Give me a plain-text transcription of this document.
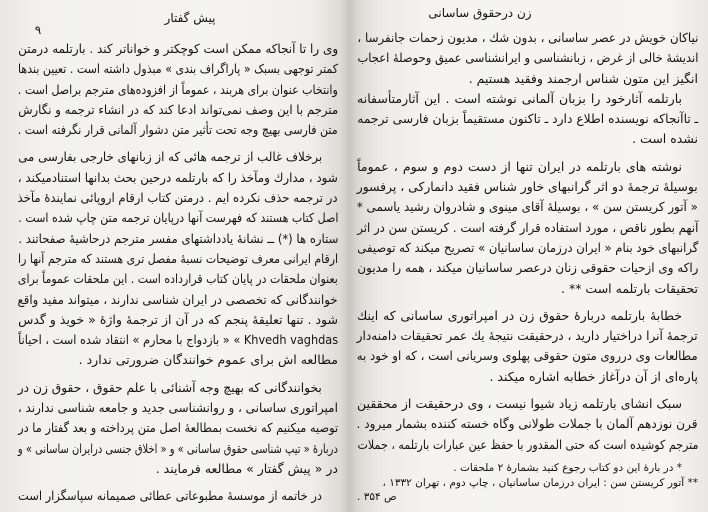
پیش گفتار
۹
وی را تا آنجاکه ممکن است کوچکتر و خواناتر کند . بارتلمه درمتن
کمتر توجهی بسبک « پاراگراف بندی » مبذول داشته است . تعیین بندها
وانتخاب عنوان برای هربند ، عموماً از افزوده‌های مترجم براصل است .
مترجم با این وصف نمی‌تواند ادعا کند که در انشاء ترجمه و نگارش
متن فارسی بهیچ وجه تحت تأثیر متن دشوار آلمانی قرار نگرفته است .
برخلاف غالب از ترجمه هائی که از زبانهای خارجی بفارسی می
شود ، مدارك ومآخذ را که بارتلمه درحین بحث بدانها استنادمیکند ،
در ترجمه حذف نکرده ایم . درمتن کتاب ارقام اروپائی نمایندهٔ مآخذ
اصل کتاب هستند که فهرست آنها درپایان ترجمه متن چاپ شده است .
ستاره ها (*) ــ نشانهٔ یادداشتهای مفسر مترجم درحاشیهٔ صفحاتند .
ارقام ایرانی معرف توضیحات نسبهٔ مفصل تری هستند که مترجم آنها را
بعنوان ملحقات در پایان کتاب قرارداده است . این ملحقات عموماً برای
خوانندگانی که تخصصی در ایران شناسی ندارند ، میتواند مفید واقع
شود . تنها تعلیقهٔ پنجم که در آن از ترجمهٔ واژهٔ « خویذ و گدس
Khvedh vaghdas » « بازدواج با محارم » انتقاد شده است ، احیاناً
مطالعه اش برای عموم خوانندگان ضرورتی ندارد .
بخوانندگانی که بهیچ وجه آشنائی با علم حقوق ، حقوق زن در
امپراتوری ساسانی ، و روانشناسی جدید و جامعه شناسی ندارند ،
توصیه میکنیم که نخست بمطالعهٔ اصل متن پرداخته و بعد گفتار ما در
دربارهٔ « تیپ شناسی حقوق ساسانی » و « اخلاق جنسی درایران ساسانی » و
در « پیش گفتار » مطالعه فرمایند .
در خاتمه از موسسهٔ مطبوعاتی عطائی صمیمانه سپاسگزار است
زن درحقوق ساسانی
نیاکان خویش در عصر ساسانی ، بدون شك ، مدیون زحمات جانفرسا ،
اندیشهٔ خالی از غرض ، زبانشناسی و ایرانشناسی عمیق وحوصلهٔ اعجاب
انگیز این متون شناس ارجمند وفقید هستیم .
بارتلمه آثارخود را بزبان آلمانی نوشته است . این آثارمتأسفانه
ـ تاآنجاکه نویسنده اطلاع دارد ـ تاکنون مستقیماً بزبان فارسی ترجمه
نشده است .
نوشته های بارتلمه در ایران تنها از دست دوم و سوم ، عموماً
بوسیلهٔ ترجمهٔ دو اثر گرانبهای خاور شناس فقید دانمارکی ، پرفسور
« آتور کریستن سن » ، بوسیلهٔ آقای مینوی و شادروان رشید یاسمی *
آنهم بطور ناقص ، مورد استفاده قرار گرفته است . کریستن سن در اثر
گرانبهای خود بنام « ایران درزمان ساسانیان » تصریح میکند که توصیفی
راکه وی ازحیات حقوقی زنان درعصر ساسانیان میکند ، همه را مدیون
تحقیقات بارتلمه است ** .
خطابهٔ بارتلمه دربارهٔ حقوق زن در امپراتوری ساسانی که اینك
ترجمهٔ آنرا دراختیار دارید ، درحقیقت نتیجهٔ یك عمر تحقیقات دامنه‌دار
مطالعات وی درروی متون حقوقی پهلوی وسریانی است ، که او خود به
پاره‌ای از آن درآغاز خطابه اشاره میکند .
سبک انشای بارتلمه زیاد شیوا نیست ، وی درحقیقت از محققین
قرن نوزدهم آلمان با جملات طولانی وگاه خسته کننده بشمار میرود .
مترجم کوشیده است که حتی المقدور با حفظ عین عبارات بارتلمه ، جملات
* در بارهٔ این دو کتاب رجوع کنید بشمارهٔ ۲ ملحقات .
** آتور کریستن سن : ایران درزمان ساسانیان ، چاپ دوم ، تهران ۱۳۳۲ ،
ص ۳۵۴ .
